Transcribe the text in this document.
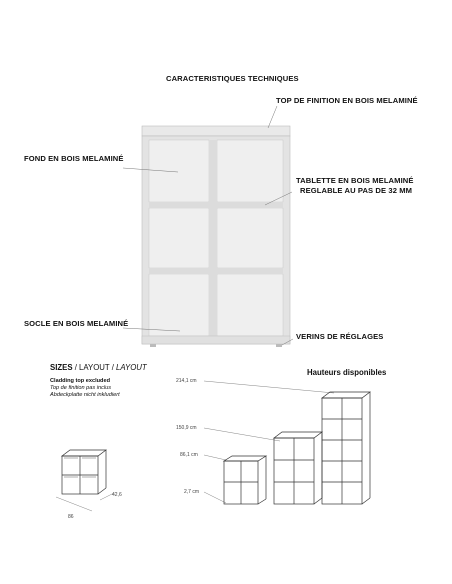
CARACTERISTIQUES TECHNIQUES
TOP DE FINITION EN BOIS MELAMINÉ
FOND EN BOIS MELAMINÉ
TABLETTE EN BOIS MELAMINÉ
REGLABLE AU PAS DE 32 MM
SOCLE EN BOIS MELAMINÉ
VERINS DE RÉGLAGES
SIZES / LAYOUT / LAYOUT
Cladding top excluded
Top de finition pas inclus
Abdeckplatte nicht inkludiert
86
42,6
Hauteurs disponibles
214,1 cm
150,9 cm
86,1 cm
2,7 cm
